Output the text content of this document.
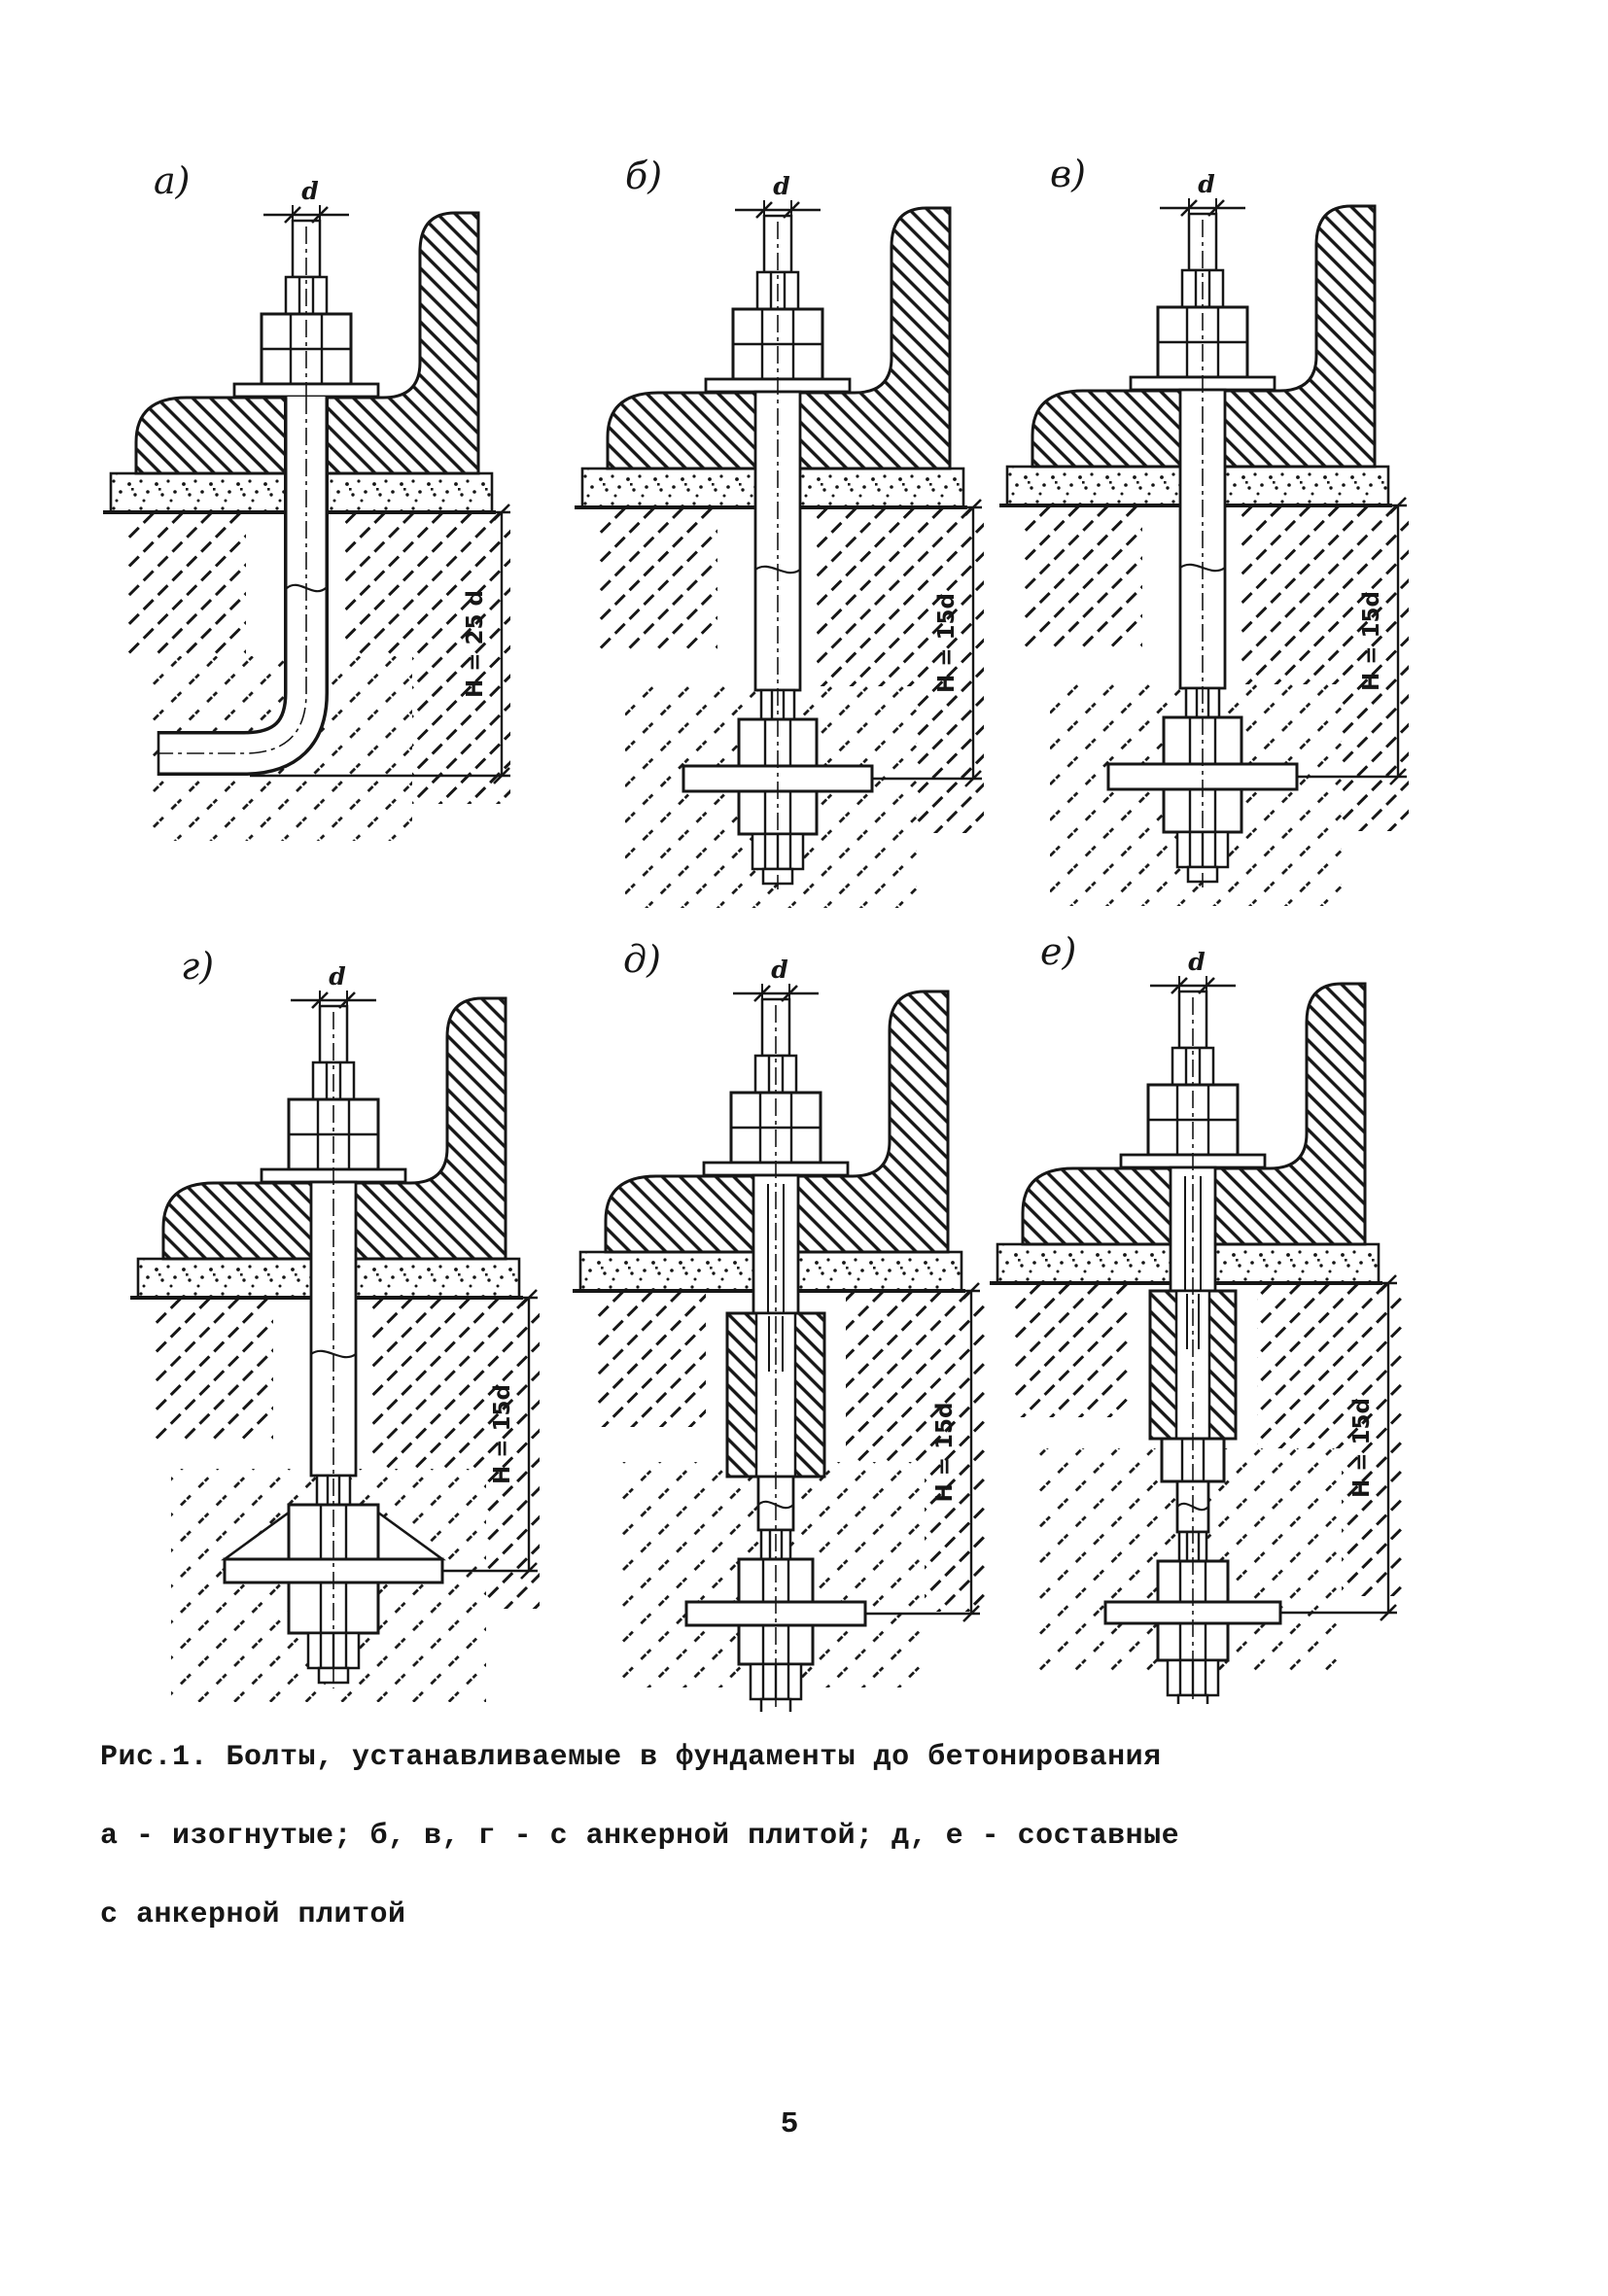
Н = 25 d
d
а)
Н = 15d
d
б)
Н = 15d
d
в)
Н = 15d
d
г)
Н = 15d
d
д)
Н = 15d
d
е)
Рис.1. Болты, устанавливаемые в фундаменты до бетонирования
а - изогнутые; б, в, г - с анкерной плитой; д, е - составные
с анкерной плитой
5
